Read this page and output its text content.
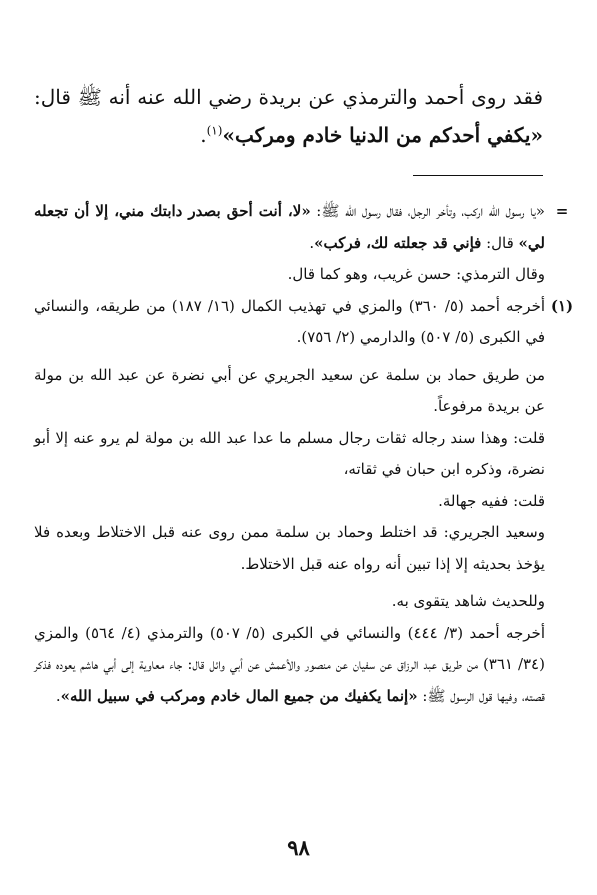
فقد روى أحمد والترمذي عن بريدة رضي الله عنه أنه ﷺ قال: «يكفي أحدكم من الدنيا خادم ومركب»$^{(١)}$.
=

«يا رسول الله اركب، وتأخر الرجل، فقال رسول الله ﷺ: «لا، أنت أحق بصدر دابتك مني، إلا أن تجعله لي» قال: فإني قد جعلته لك، فركب».

وقال الترمذي: حسن غريب، وهو كما قال.

(١)

أخرجه أحمد (٥/ ٣٦٠) والمزي في تهذيب الكمال (١٦/ ١٨٧) من طريقه، والنسائي في الكبرى (٥/ ٥٠٧) والدارمي (٢/ ٧٥٦).

من طريق حماد بن سلمة عن سعيد الجريري عن أبي نضرة عن عبد الله بن مولة عن بريدة مرفوعاً.

قلت: وهذا سند رجاله ثقات رجال مسلم ما عدا عبد الله بن مولة لم يرو عنه إلا أبو نضرة، وذكره ابن حبان في ثقاته،

قلت: ففيه جهالة.

وسعيد الجريري: قد اختلط وحماد بن سلمة ممن روى عنه قبل الاختلاط وبعده فلا يؤخذ بحديثه إلا إذا تبين أنه رواه عنه قبل الاختلاط.

وللحديث شاهد يتقوى به.

أخرجه أحمد (٣/ ٤٤٤) والنسائي في الكبرى (٥/ ٥٠٧) والترمذي (٤/ ٥٦٤) والمزي (٣٤/ ٣٦١) من طريق عبد الرزاق عن سفيان عن منصور والأعمش عن أبي وائل قال: جاء معاوية إلى أبي هاشم يعوده فذكر قصته، وفيها قول الرسول ﷺ: «إنما يكفيك من جميع المال خادم ومركب في سبيل الله».

٩٨
